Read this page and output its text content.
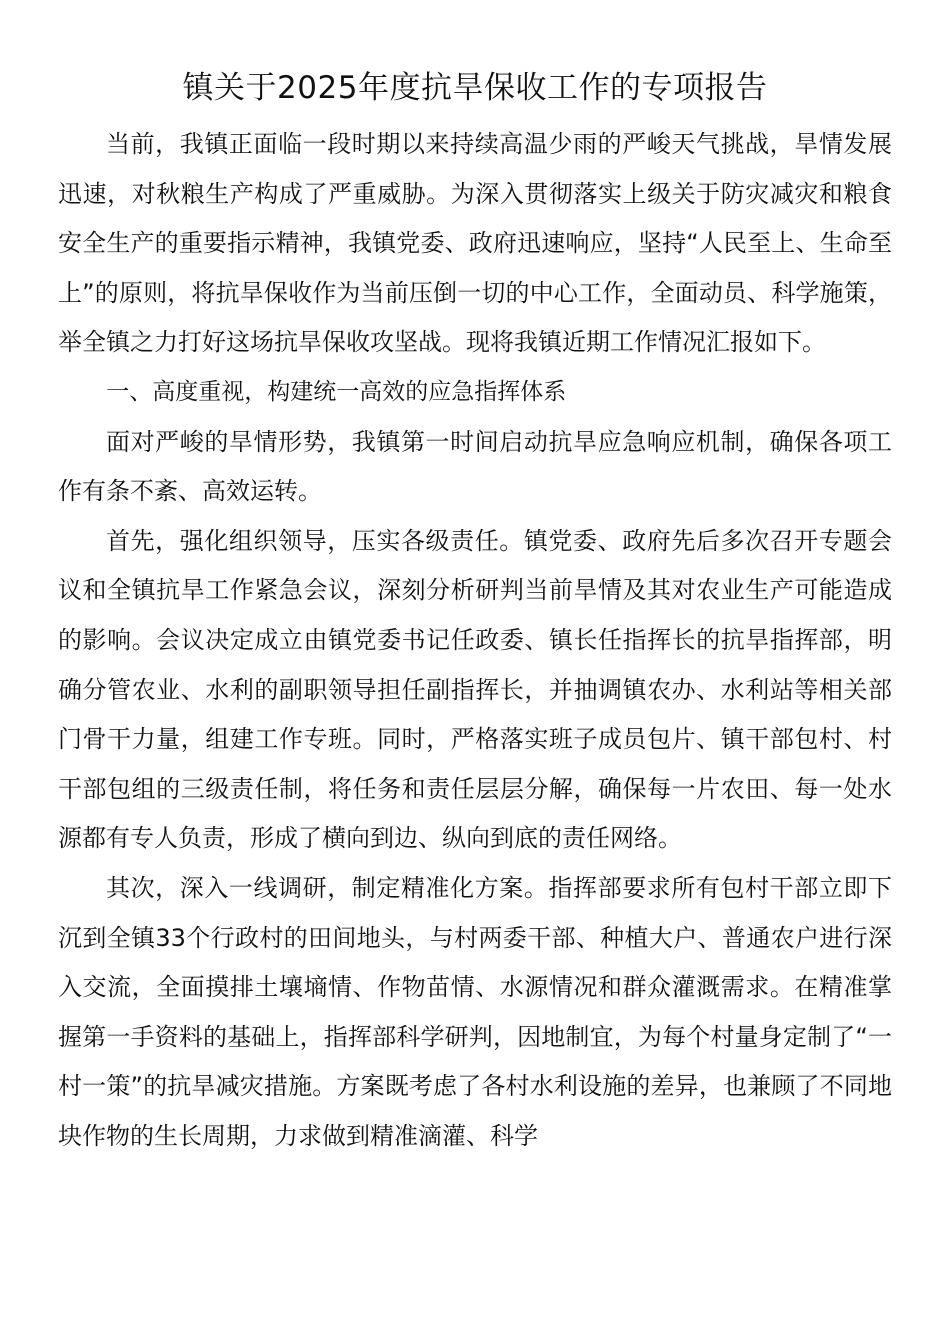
镇关于2025年度抗旱保收工作的专项报告

当前，我镇正面临一段时期以来持续高温少雨的严峻天气挑战，旱情发展迅速，对秋粮生产构成了严重威胁。为深入贯彻落实上级关于防灾减灾和粮食安全生产的重要指示精神，我镇党委、政府迅速响应，坚持“人民至上、生命至上”的原则，将抗旱保收作为当前压倒一切的中心工作，全面动员、科学施策，举全镇之力打好这场抗旱保收攻坚战。现将我镇近期工作情况汇报如下。

一、高度重视，构建统一高效的应急指挥体系

面对严峻的旱情形势，我镇第一时间启动抗旱应急响应机制，确保各项工作有条不紊、高效运转。

首先，强化组织领导，压实各级责任。镇党委、政府先后多次召开专题会议和全镇抗旱工作紧急会议，深刻分析研判当前旱情及其对农业生产可能造成的影响。会议决定成立由镇党委书记任政委、镇长任指挥长的抗旱指挥部，明确分管农业、水利的副职领导担任副指挥长，并抽调镇农办、水利站等相关部门骨干力量，组建工作专班。同时，严格落实班子成员包片、镇干部包村、村干部包组的三级责任制，将任务和责任层层分解，确保每一片农田、每一处水源都有专人负责，形成了横向到边、纵向到底的责任网络。

其次，深入一线调研，制定精准化方案。指挥部要求所有包村干部立即下沉到全镇33个行政村的田间地头，与村两委干部、种植大户、普通农户进行深入交流，全面摸排土壤墒情、作物苗情、水源情况和群众灌溉需求。在精准掌握第一手资料的基础上，指挥部科学研判，因地制宜，为每个村量身定制了“一村一策”的抗旱减灾措施。方案既考虑了各村水利设施的差异，也兼顾了不同地块作物的生长周期，力求做到精准滴灌、科学
